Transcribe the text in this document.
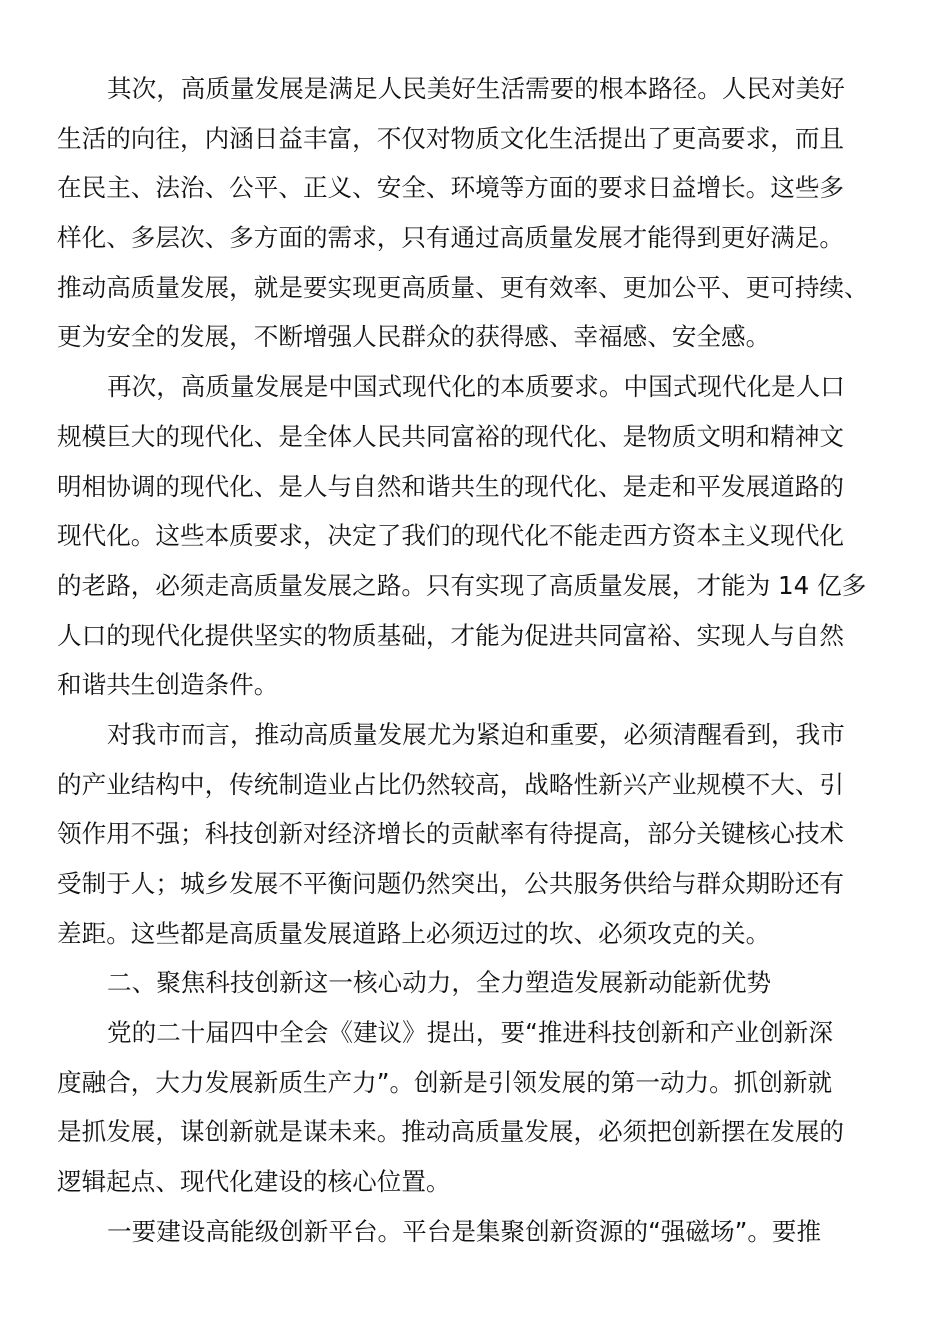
其次，高质量发展是满足人民美好生活需要的根本路径。人民对美好
生活的向往，内涵日益丰富，不仅对物质文化生活提出了更高要求，而且
在民主、法治、公平、正义、安全、环境等方面的要求日益增长。这些多
样化、多层次、多方面的需求，只有通过高质量发展才能得到更好满足。
推动高质量发展，就是要实现更高质量、更有效率、更加公平、更可持续、
更为安全的发展，不断增强人民群众的获得感、幸福感、安全感。
再次，高质量发展是中国式现代化的本质要求。中国式现代化是人口
规模巨大的现代化、是全体人民共同富裕的现代化、是物质文明和精神文
明相协调的现代化、是人与自然和谐共生的现代化、是走和平发展道路的
现代化。这些本质要求，决定了我们的现代化不能走西方资本主义现代化
的老路，必须走高质量发展之路。只有实现了高质量发展，才能为 14 亿多
人口的现代化提供坚实的物质基础，才能为促进共同富裕、实现人与自然
和谐共生创造条件。
对我市而言，推动高质量发展尤为紧迫和重要，必须清醒看到，我市
的产业结构中，传统制造业占比仍然较高，战略性新兴产业规模不大、引
领作用不强；科技创新对经济增长的贡献率有待提高，部分关键核心技术
受制于人；城乡发展不平衡问题仍然突出，公共服务供给与群众期盼还有
差距。这些都是高质量发展道路上必须迈过的坎、必须攻克的关。
二、聚焦科技创新这一核心动力，全力塑造发展新动能新优势
党的二十届四中全会《建议》提出，要“推进科技创新和产业创新深
度融合，大力发展新质生产力”。创新是引领发展的第一动力。抓创新就
是抓发展，谋创新就是谋未来。推动高质量发展，必须把创新摆在发展的
逻辑起点、现代化建设的核心位置。
一要建设高能级创新平台。平台是集聚创新资源的“强磁场”。要推
